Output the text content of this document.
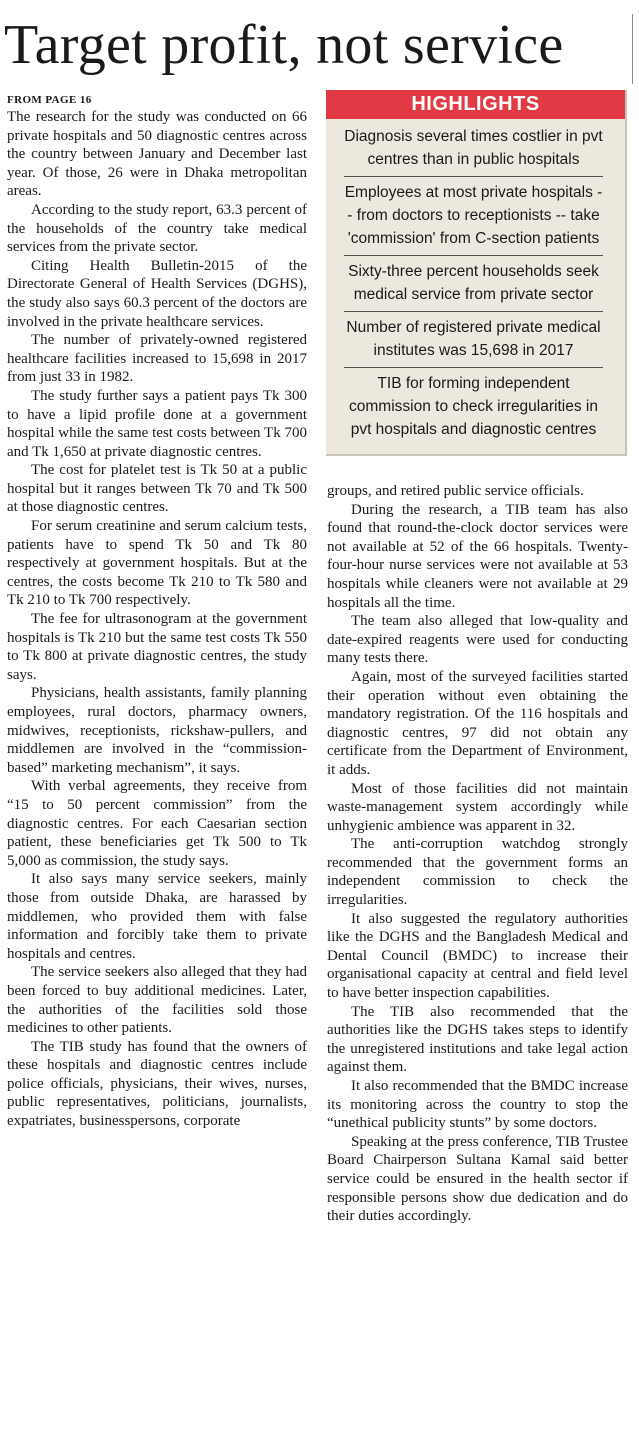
Target profit, not service
FROM PAGE 16

The research for the study was conducted on 66 private hospitals and 50 diagnostic centres across the country between January and December last year. Of those, 26 were in Dhaka metropolitan areas.

According to the study report, 63.3 percent of the households of the country take medical services from the private sector.

Citing Health Bulletin-2015 of the Directorate General of Health Services (DGHS), the study also says 60.3 percent of the doctors are involved in the private healthcare services.

The number of privately-owned registered healthcare facilities increased to 15,698 in 2017 from just 33 in 1982.

The study further says a patient pays Tk 300 to have a lipid profile done at a government hospital while the same test costs between Tk 700 and Tk 1,650 at private diagnostic centres.

The cost for platelet test is Tk 50 at a public hospital but it ranges between Tk 70 and Tk 500 at those diagnostic centres.

For serum creatinine and serum calcium tests, patients have to spend Tk 50 and Tk 80 respectively at government hospitals. But at the centres, the costs become Tk 210 to Tk 580 and Tk 210 to Tk 700 respectively.

The fee for ultrasonogram at the government hospitals is Tk 210 but the same test costs Tk 550 to Tk 800 at private diagnostic centres, the study says.

Physicians, health assistants, family planning employees, rural doctors, pharmacy owners, midwives, receptionists, rickshaw-pullers, and middlemen are involved in the “commission-based” marketing mechanism”, it says.

With verbal agreements, they receive from “15 to 50 percent commission” from the diagnostic centres. For each Caesarian section patient, these beneficiaries get Tk 500 to Tk 5,000 as commission, the study says.

It also says many service seekers, mainly those from outside Dhaka, are harassed by middlemen, who provided them with false information and forcibly take them to private hospitals and centres.

The service seekers also alleged that they had been forced to buy additional medicines. Later, the authorities of the facilities sold those medicines to other patients.

The TIB study has found that the owners of these hospitals and diagnostic centres include police officials, physicians, their wives, nurses, public representatives, politicians, journalists, expatriates, businesspersons, corporate

HIGHLIGHTS
Diagnosis several times costlier in pvt centres than in public hospitals
Employees at most private hospitals -- from doctors to receptionists -- take 'commission' from C-section patients
Sixty-three percent households seek medical service from private sector
Number of registered private medical institutes was 15,698 in 2017
TIB for forming independent commission to check irregularities in pvt hospitals and diagnostic centres

groups, and retired public service officials.

During the research, a TIB team has also found that round-the-clock doctor services were not available at 52 of the 66 hospitals. Twenty-four-hour nurse services were not available at 53 hospitals while cleaners were not available at 29 hospitals all the time.

The team also alleged that low-quality and date-expired reagents were used for conducting many tests there.

Again, most of the surveyed facilities started their operation without even obtaining the mandatory registration. Of the 116 hospitals and diagnostic centres, 97 did not obtain any certificate from the Department of Environment, it adds.

Most of those facilities did not maintain waste-management system accordingly while unhygienic ambience was apparent in 32.

The anti-corruption watchdog strongly recommended that the government forms an independent commission to check the irregularities.

It also suggested the regulatory authorities like the DGHS and the Bangladesh Medical and Dental Council (BMDC) to increase their organisational capacity at central and field level to have better inspection capabilities.

The TIB also recommended that the authorities like the DGHS takes steps to identify the unregistered institutions and take legal action against them.

It also recommended that the BMDC increase its monitoring across the country to stop the “unethical publicity stunts” by some doctors.

Speaking at the press conference, TIB Trustee Board Chairperson Sultana Kamal said better service could be ensured in the health sector if responsible persons show due dedication and do their duties accordingly.
